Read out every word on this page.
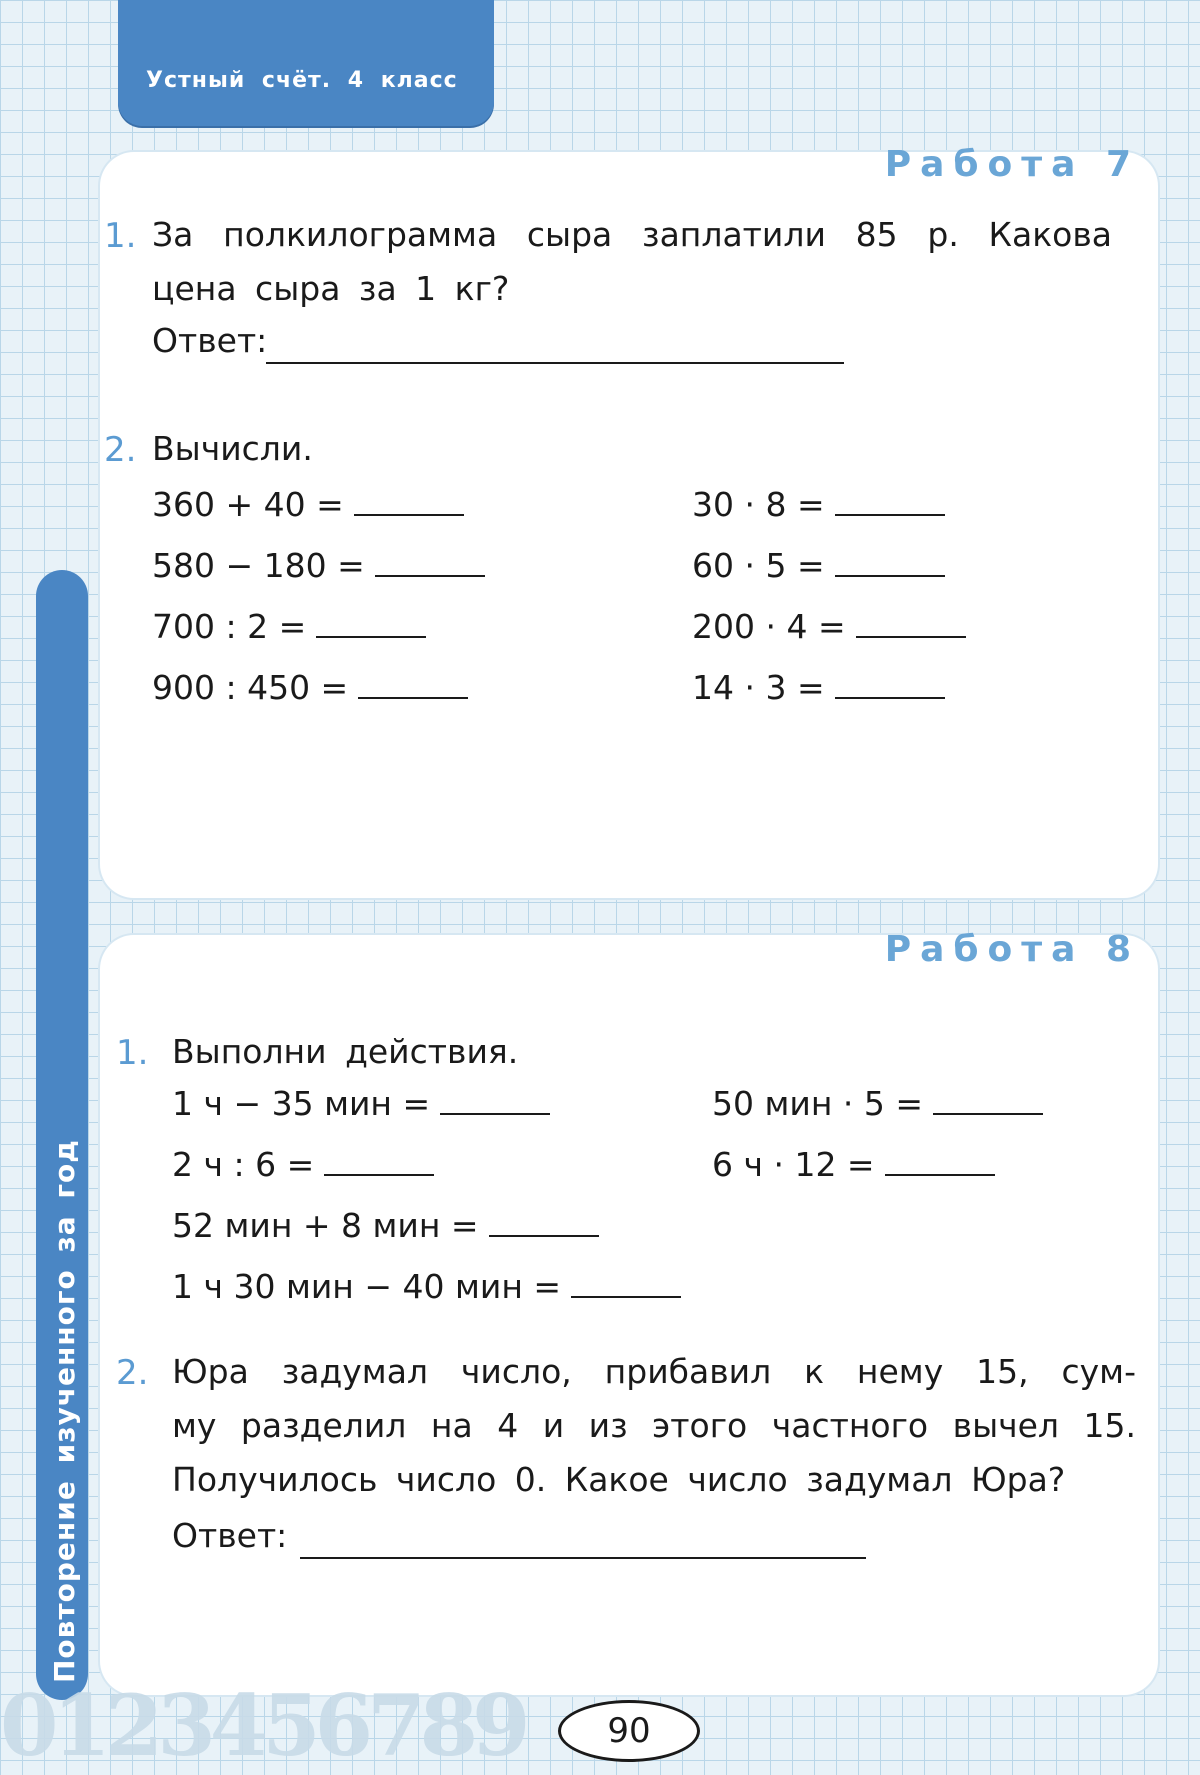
Устный счёт. 4 класс
Повторение изученного за год
Работа 7
1. За полкилограмма сыра заплатили 85 р. Какова
цена сыра за 1 кг?
Ответ:
2. Вычисли.
360 + 40 =
580 − 180 =
700 : 2 =
900 : 450 =
30 · 8 =
60 · 5 =
200 · 4 =
14 · 3 =
Работа 8
1. Выполни действия.
1 ч − 35 мин =
2 ч : 6 =
52 мин + 8 мин =
1 ч 30 мин − 40 мин =
50 мин · 5 =
6 ч · 12 =
2. Юра задумал число, прибавил к нему 15, сум-
му разделил на 4 и из этого частного вычел 15.
Получилось число 0. Какое число задумал Юра?
Ответ:
0123456789	90
